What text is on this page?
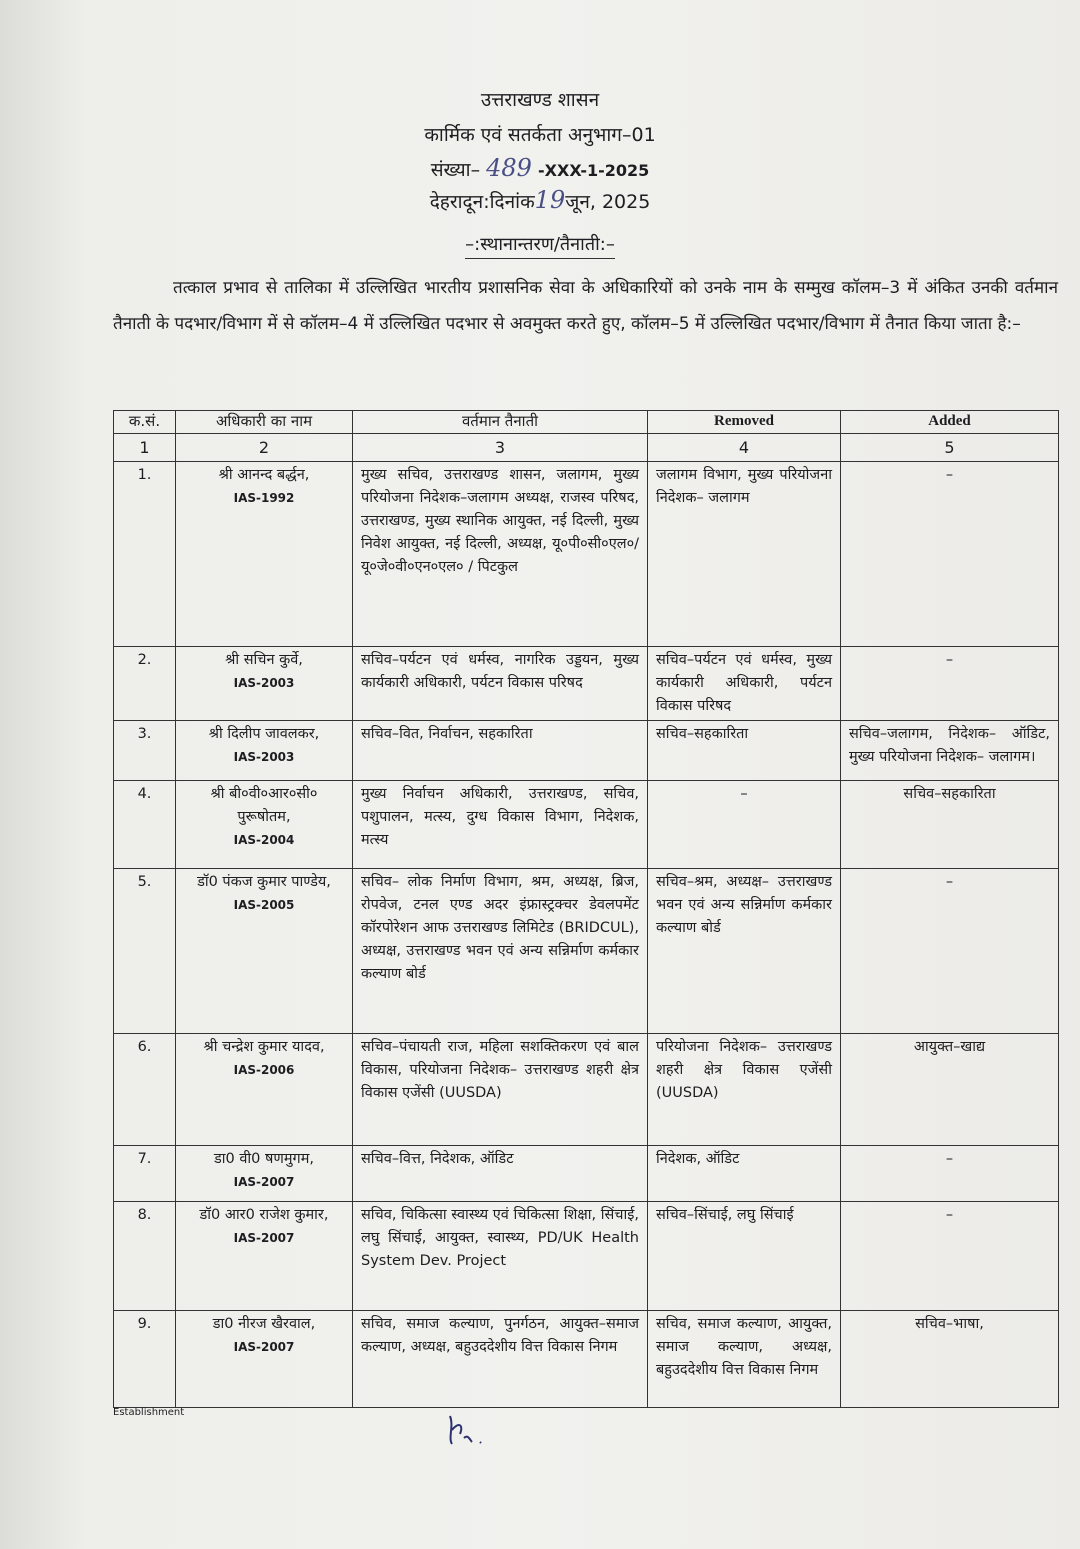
उत्तराखण्ड शासन
कार्मिक एवं सतर्कता अनुभाग–01
संख्या– 489 -XXX-1-2025
देहरादून:दिनांक19जून, 2025
–:स्थानान्तरण/तैनाती:–
तत्काल प्रभाव से तालिका में उल्लिखित भारतीय प्रशासनिक सेवा के अधिकारियों को उनके नाम के सम्मुख कॉलम–3 में अंकित उनकी वर्तमान तैनाती के पदभार/विभाग में से कॉलम–4 में उल्लिखित पदभार से अवमुक्त करते हुए, कॉलम–5 में उल्लिखित पदभार/विभाग में तैनात किया जाता है:–
क.सं.	अधिकारी का नाम	वर्तमान तैनाती	Removed	Added
1	2	3	4	5
1.	श्री आनन्द बर्द्धन,
IAS-1992	मुख्य सचिव, उत्तराखण्ड शासन, जलागम, मुख्य परियोजना निदेशक–जलागम अध्यक्ष, राजस्व परिषद, उत्तराखण्ड, मुख्य स्थानिक आयुक्त, नई दिल्ली, मुख्य निवेश आयुक्त, नई दिल्ली, अध्यक्ष, यू०पी०सी०एल०/ यू०जे०वी०एन०एल० / पिटकुल	जलागम विभाग, मुख्य परियोजना निदेशक– जलागम	–
2.	श्री सचिन कुर्वे,
IAS-2003	सचिव–पर्यटन एवं धर्मस्व, नागरिक उड्डयन, मुख्य कार्यकारी अधिकारी, पर्यटन विकास परिषद	सचिव–पर्यटन एवं धर्मस्व, मुख्य कार्यकारी अधिकारी, पर्यटन विकास परिषद	–
3.	श्री दिलीप जावलकर,
IAS-2003	सचिव–वित, निर्वाचन, सहकारिता	सचिव–सहकारिता	सचिव–जलागम, निदेशक– ऑडिट, मुख्य परियोजना निदेशक– जलागम।
4.	श्री बी०वी०आर०सी० पुरूषोतम,
IAS-2004	मुख्य निर्वाचन अधिकारी, उत्तराखण्ड, सचिव, पशुपालन, मत्स्य, दुग्ध विकास विभाग, निदेशक, मत्स्य	–	सचिव–सहकारिता
5.	डॉ0 पंकज कुमार पाण्डेय,
IAS-2005	सचिव– लोक निर्माण विभाग, श्रम, अध्यक्ष, ब्रिज, रोपवेज, टनल एण्ड अदर इंफ्रास्ट्रक्चर डेवलपमेंट कॉरपोरेशन आफ उत्तराखण्ड लिमिटेड (BRIDCUL), अध्यक्ष, उत्तराखण्ड भवन एवं अन्य सन्निर्माण कर्मकार कल्याण बोर्ड	सचिव–श्रम, अध्यक्ष– उत्तराखण्ड भवन एवं अन्य सन्निर्माण कर्मकार कल्याण बोर्ड	–
6.	श्री चन्द्रेश कुमार यादव,
IAS-2006	सचिव–पंचायती राज, महिला सशक्तिकरण एवं बाल विकास, परियोजना निदेशक– उत्तराखण्ड शहरी क्षेत्र विकास एजेंसी (UUSDA)	परियोजना निदेशक– उत्तराखण्ड शहरी क्षेत्र विकास एजेंसी (UUSDA)	आयुक्त–खाद्य
7.	डा0 वी0 षणमुगम,
IAS-2007	सचिव–वित्त, निदेशक, ऑडिट	निदेशक, ऑडिट	–
8.	डॉ0 आर0 राजेश कुमार,
IAS-2007	सचिव, चिकित्सा स्वास्थ्य एवं चिकित्सा शिक्षा, सिंचाई, लघु सिंचाई, आयुक्त, स्वास्थ्य, PD/UK Health System Dev. Project	सचिव–सिंचाई, लघु सिंचाई	–
9.	डा0 नीरज खैरवाल,
IAS-2007	सचिव, समाज कल्याण, पुनर्गठन, आयुक्त–समाज कल्याण, अध्यक्ष, बहुउददेशीय वित्त विकास निगम	सचिव, समाज कल्याण, आयुक्त, समाज कल्याण, अध्यक्ष, बहुउददेशीय वित्त विकास निगम	सचिव–भाषा,
Establishment
